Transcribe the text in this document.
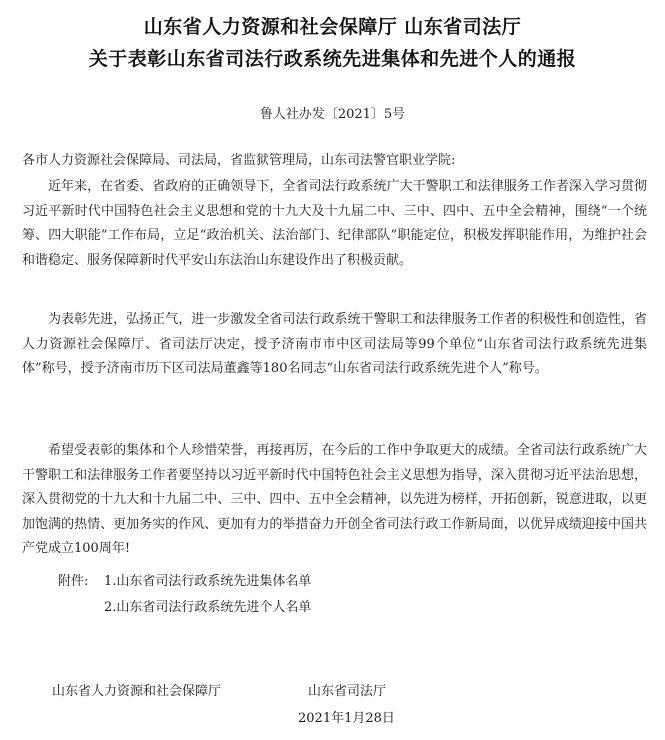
山东省人力资源和社会保障厅 山东省司法厅
关于表彰山东省司法行政系统先进集体和先进个人的通报
鲁人社办发〔2021〕5号
各市人力资源社会保障局、司法局，省监狱管理局，山东司法警官职业学院:
近年来，在省委、省政府的正确领导下，全省司法行政系统广大干警职工和法律服务工作者深入学习贯彻习近平新时代中国特色社会主义思想和党的十九大及十九届二中、三中、四中、五中全会精神，围绕“一个统筹、四大职能”工作布局，立足“政治机关、法治部门、纪律部队”职能定位，积极发挥职能作用，为维护社会和谐稳定、服务保障新时代平安山东法治山东建设作出了积极贡献。
为表彰先进，弘扬正气，进一步激发全省司法行政系统干警职工和法律服务工作者的积极性和创造性，省人力资源社会保障厅、省司法厅决定，授予济南市市中区司法局等99个单位“山东省司法行政系统先进集体”称号，授予济南市历下区司法局董鑫等180名同志“山东省司法行政系统先进个人”称号。
希望受表彰的集体和个人珍惜荣誉，再接再厉，在今后的工作中争取更大的成绩。全省司法行政系统广大干警职工和法律服务工作者要坚持以习近平新时代中国特色社会主义思想为指导，深入贯彻习近平法治思想，深入贯彻党的十九大和十九届二中、三中、四中、五中全会精神，以先进为榜样，开拓创新，锐意进取，以更加饱满的热情、更加务实的作风、更加有力的举措奋力开创全省司法行政工作新局面，以优异成绩迎接中国共产党成立100周年!
附件: 1.山东省司法行政系统先进集体名单
2.山东省司法行政系统先进个人名单
山东省人力资源和社会保障厅	山东省司法厅
2021年1月28日
